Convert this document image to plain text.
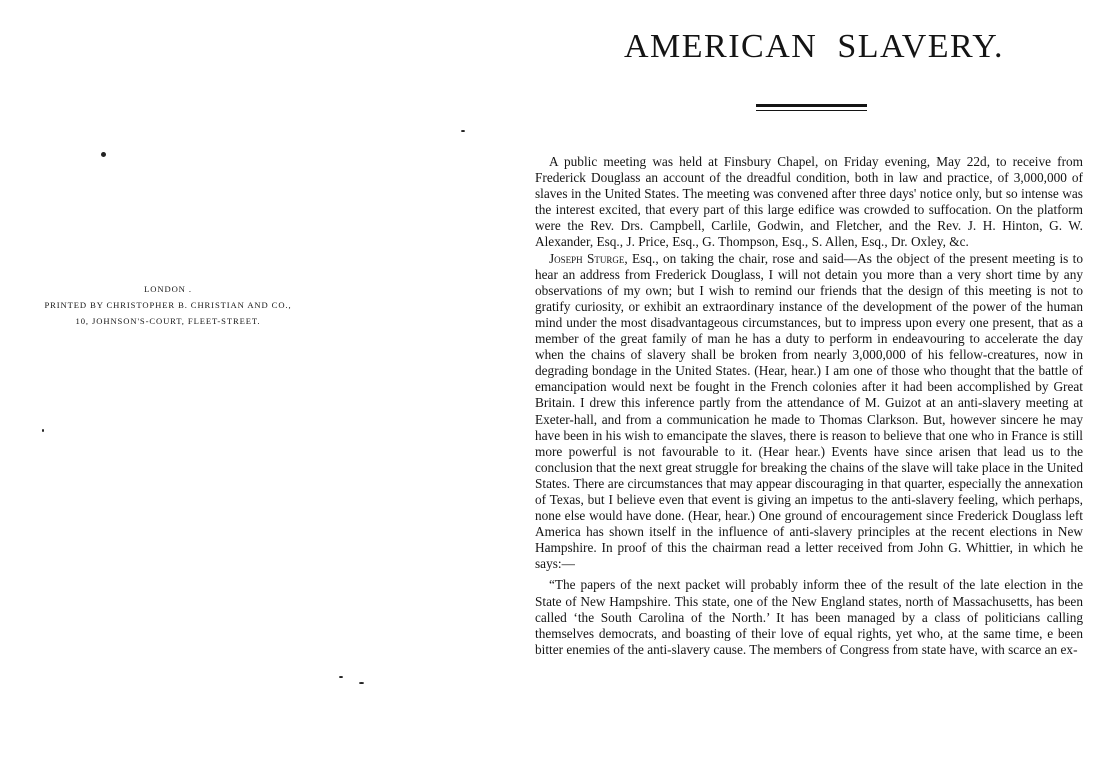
LONDON .
PRINTED BY CHRISTOPHER B. CHRISTIAN AND CO.,
10, JOHNSON'S-COURT, FLEET-STREET.
AMERICAN SLAVERY.

A public meeting was held at Finsbury Chapel, on Friday evening, May 22d, to receive from Frederick Douglass an account of the dreadful condition, both in law and practice, of 3,000,000 of slaves in the United States. The meeting was convened after three days' notice only, but so intense was the interest excited, that every part of this large edifice was crowded to suffocation. On the platform were the Rev. Drs. Campbell, Carlile, Godwin, and Fletcher, and the Rev. J. H. Hinton, G. W. Alexander, Esq., J. Price, Esq., G. Thompson, Esq., S. Allen, Esq., Dr. Oxley, &c.

Joseph Sturge, Esq., on taking the chair, rose and said—As the object of the present meeting is to hear an address from Frederick Douglass, I will not detain you more than a very short time by any observations of my own; but I wish to remind our friends that the design of this meeting is not to gratify curiosity, or exhibit an extraordinary instance of the development of the power of the human mind under the most disadvantageous circumstances, but to impress upon every one present, that as a member of the great family of man he has a duty to perform in endeavouring to accelerate the day when the chains of slavery shall be broken from nearly 3,000,000 of his fellow-creatures, now in degrading bondage in the United States. (Hear, hear.) I am one of those who thought that the battle of emancipation would next be fought in the French colonies after it had been accomplished by Great Britain. I drew this inference partly from the attendance of M. Guizot at an anti-slavery meeting at Exeter-hall, and from a communication he made to Thomas Clarkson. But, however sincere he may have been in his wish to emancipate the slaves, there is reason to believe that one who in France is still more powerful is not favourable to it. (Hear hear.) Events have since arisen that lead us to the conclusion that the next great struggle for breaking the chains of the slave will take place in the United States. There are circumstances that may appear discouraging in that quarter, especially the annexation of Texas, but I believe even that event is giving an impetus to the anti-slavery feeling, which perhaps, none else would have done. (Hear, hear.) One ground of encouragement since Frederick Douglass left America has shown itself in the influence of anti-slavery principles at the recent elections in New Hampshire. In proof of this the chairman read a letter received from John G. Whittier, in which he says:—

“The papers of the next packet will probably inform thee of the result of the late election in the State of New Hampshire. This state, one of the New England states, north of Massachusetts, has been called ‘the South Carolina of the North.’ It has been managed by a class of politicians calling themselves democrats, and boasting of their love of equal rights, yet who, at the same time, e been bitter enemies of the anti-slavery cause. The members of Congress from state have, with scarce an ex-
